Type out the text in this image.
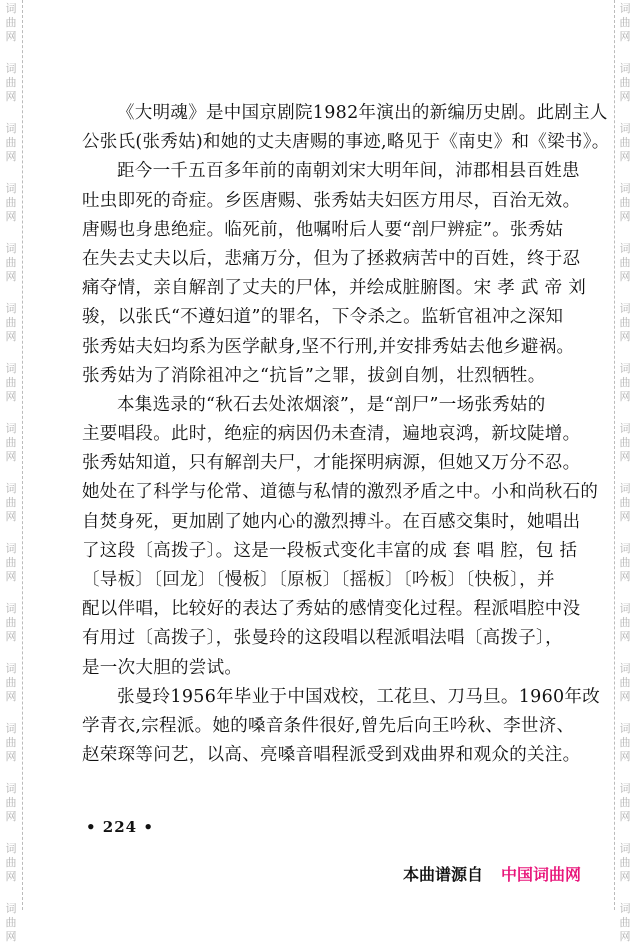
词
曲
网
词
曲
网
词
曲
网
词
曲
网
词
曲
网
词
曲
网
词
曲
网
词
曲
网
词
曲
网
词
曲
网
词
曲
网
词
曲
网
词
曲
网
词
曲
网
词
曲
网
词
曲
网
词
曲
网
词
曲
网
词
曲
网
词
曲
网
词
曲
网
词
曲
网
词
曲
网
词
曲
网
词
曲
网
词
曲
网
词
曲
网
词
曲
网
词
曲
网
词
曲
网
词
曲
网
词
曲
网
《大明魂》是中国京剧院1982年演出的新编历史剧。此剧主人
公张氏(张秀姑)和她的丈夫唐赐的事迹,略见于《南史》和《梁书》。
距今一千五百多年前的南朝刘宋大明年间，沛郡相县百姓患
吐虫即死的奇症。乡医唐赐、张秀姑夫妇医方用尽，百治无效。
唐赐也身患绝症。临死前，他嘱咐后人要“剖尸辨症”。张秀姑
在失去丈夫以后，悲痛万分，但为了拯救病苦中的百姓，终于忍
痛夺情，亲自解剖了丈夫的尸体，并绘成脏腑图。宋 孝 武 帝 刘
骏，以张氏“不遵妇道”的罪名，下令杀之。监斩官祖冲之深知
张秀姑夫妇均系为医学献身,坚不行刑,并安排秀姑去他乡避祸。
张秀姑为了消除祖冲之“抗旨”之罪，拔剑自刎，壮烈牺牲。
本集选录的“秋石去处浓烟滚”，是“剖尸”一场张秀姑的
主要唱段。此时，绝症的病因仍未查清，遍地哀鸿，新坟陡增。
张秀姑知道，只有解剖夫尸，才能探明病源，但她又万分不忍。
她处在了科学与伦常、道德与私情的激烈矛盾之中。小和尚秋石的
自焚身死，更加剧了她内心的激烈搏斗。在百感交集时，她唱出
了这段〔高拨子〕。这是一段板式变化丰富的成 套 唱 腔，包 括
〔导板〕〔回龙〕〔慢板〕〔原板〕〔摇板〕〔吟板〕〔快板〕，并
配以伴唱，比较好的表达了秀姑的感情变化过程。程派唱腔中没
有用过〔高拨子〕，张曼玲的这段唱以程派唱法唱〔高拨子〕，
是一次大胆的尝试。
张曼玲1956年毕业于中国戏校，工花旦、刀马旦。1960年改
学青衣,宗程派。她的嗓音条件很好,曾先后向王吟秋、李世济、
赵荣琛等问艺，以高、亮嗓音唱程派受到戏曲界和观众的关注。
• 224 •
本曲谱源自 中国词曲网
